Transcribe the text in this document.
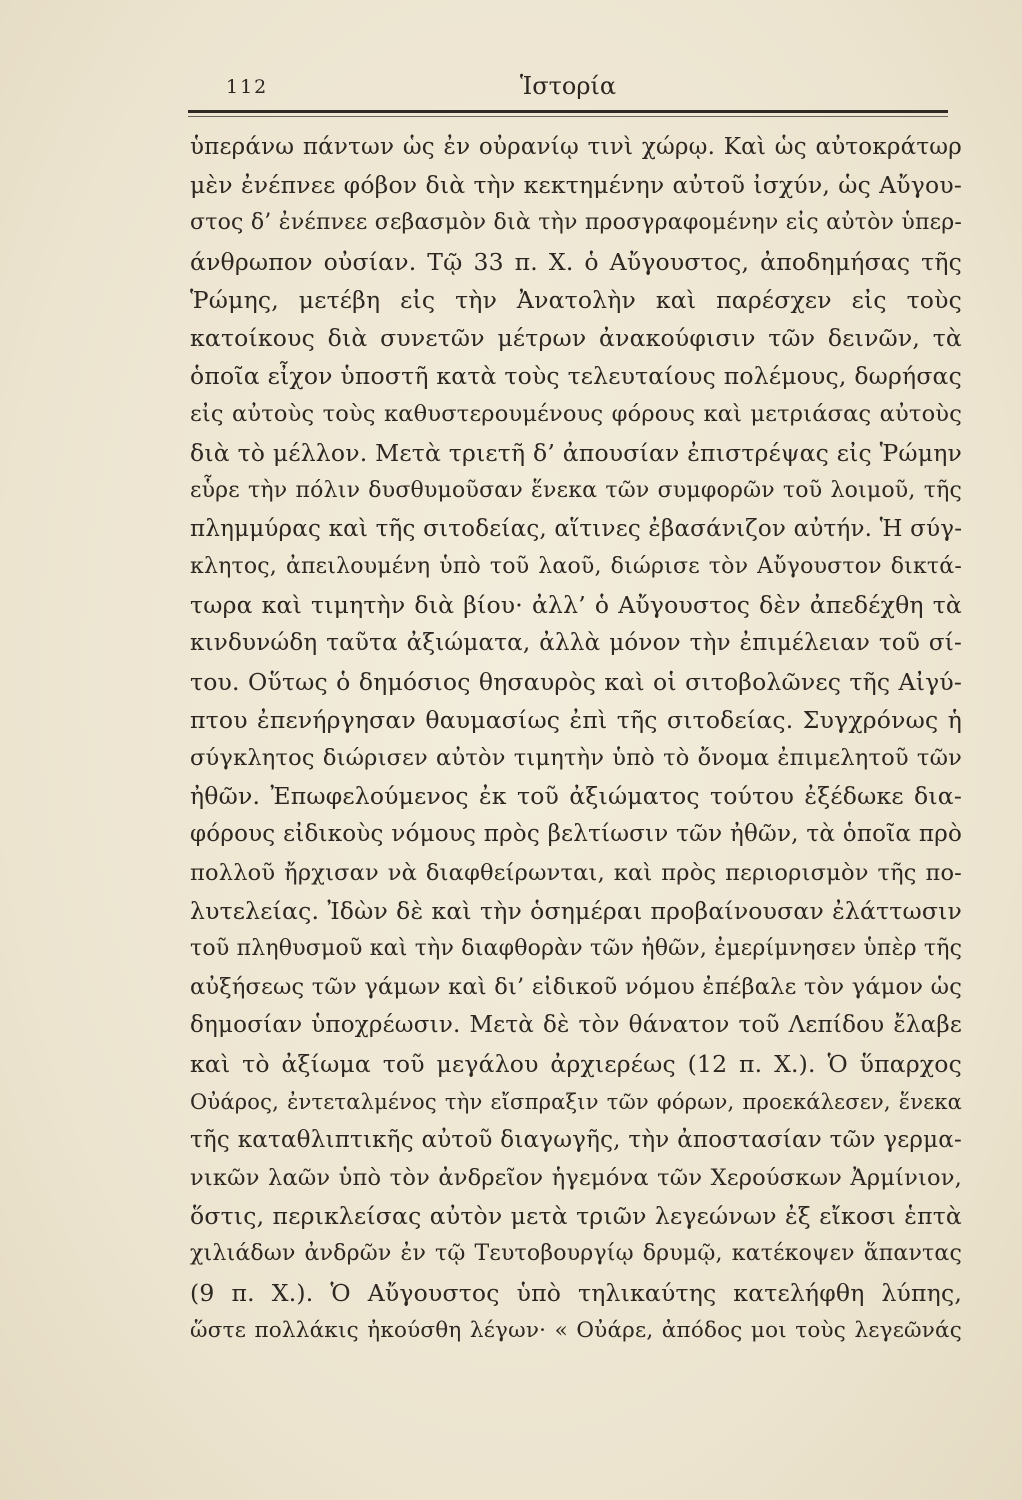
112	Ἱστορία
ὑπεράνω πάντων ὡς ἐν οὐρανίῳ τινὶ χώρῳ. Καὶ ὡς αὐτοκράτωρ
μὲν ἐνέπνεε φόβον διὰ τὴν κεκτημένην αὐτοῦ ἰσχύν, ὡς Αὔγου-
στος δ’ ἐνέπνεε σεβασμὸν διὰ τὴν προσγραφομένην εἰς αὐτὸν ὑπερ-
άνθρωπον οὐσίαν. Τῷ 33 π. Χ. ὁ Αὔγουστος, ἀποδημήσας τῆς
Ῥώμης, μετέβη εἰς τὴν Ἀνατολὴν καὶ παρέσχεν εἰς τοὺς
κατοίκους διὰ συνετῶν μέτρων ἀνακούφισιν τῶν δεινῶν, τὰ
ὁποῖα εἶχον ὑποστῆ κατὰ τοὺς τελευταίους πολέμους, δωρήσας
εἰς αὐτοὺς τοὺς καθυστερουμένους φόρους καὶ μετριάσας αὐτοὺς
διὰ τὸ μέλλον. Μετὰ τριετῆ δ’ ἀπουσίαν ἐπιστρέψας εἰς Ῥώμην
εὗρε τὴν πόλιν δυσθυμοῦσαν ἕνεκα τῶν συμφορῶν τοῦ λοιμοῦ, τῆς
πλημμύρας καὶ τῆς σιτοδείας, αἵτινες ἐβασάνιζον αὐτήν. Ἡ σύγ-
κλητος, ἀπειλουμένη ὑπὸ τοῦ λαοῦ, διώρισε τὸν Αὔγουστον δικτά-
τωρα καὶ τιμητὴν διὰ βίου· ἀλλ’ ὁ Αὔγουστος δὲν ἀπεδέχθη τὰ
κινδυνώδη ταῦτα ἀξιώματα, ἀλλὰ μόνον τὴν ἐπιμέλειαν τοῦ σί-
του. Οὕτως ὁ δημόσιος θησαυρὸς καὶ οἱ σιτοβολῶνες τῆς Αἰγύ-
πτου ἐπενήργησαν θαυμασίως ἐπὶ τῆς σιτοδείας. Συγχρόνως ἡ
σύγκλητος διώρισεν αὐτὸν τιμητὴν ὑπὸ τὸ ὄνομα ἐπιμελητοῦ τῶν
ἠθῶν. Ἐπωφελούμενος ἐκ τοῦ ἀξιώματος τούτου ἐξέδωκε δια-
φόρους εἰδικοὺς νόμους πρὸς βελτίωσιν τῶν ἠθῶν, τὰ ὁποῖα πρὸ
πολλοῦ ἤρχισαν νὰ διαφθείρωνται, καὶ πρὸς περιορισμὸν τῆς πο-
λυτελείας. Ἰδὼν δὲ καὶ τὴν ὁσημέραι προβαίνουσαν ἐλάττωσιν
τοῦ πληθυσμοῦ καὶ τὴν διαφθορὰν τῶν ἠθῶν, ἐμερίμνησεν ὑπὲρ τῆς
αὐξήσεως τῶν γάμων καὶ δι’ εἰδικοῦ νόμου ἐπέβαλε τὸν γάμον ὡς
δημοσίαν ὑποχρέωσιν. Μετὰ δὲ τὸν θάνατον τοῦ Λεπίδου ἔλαβε
καὶ τὸ ἀξίωμα τοῦ μεγάλου ἀρχιερέως (12 π. Χ.). Ὁ ὕπαρχος
Οὐάρος, ἐντεταλμένος τὴν εἴσπραξιν τῶν φόρων, προεκάλεσεν, ἕνεκα
τῆς καταθλιπτικῆς αὐτοῦ διαγωγῆς, τὴν ἀποστασίαν τῶν γερμα-
νικῶν λαῶν ὑπὸ τὸν ἀνδρεῖον ἡγεμόνα τῶν Χερούσκων Ἀρμίνιον,
ὅστις, περικλείσας αὐτὸν μετὰ τριῶν λεγεώνων ἐξ εἴκοσι ἑπτὰ
χιλιάδων ἀνδρῶν ἐν τῷ Τευτοβουργίῳ δρυμῷ, κατέκοψεν ἅπαντας
(9 π. Χ.). Ὁ Αὔγουστος ὑπὸ τηλικαύτης κατελήφθη λύπης,
ὥστε πολλάκις ἠκούσθη λέγων· « Οὐάρε, ἀπόδος μοι τοὺς λεγεῶνάς
